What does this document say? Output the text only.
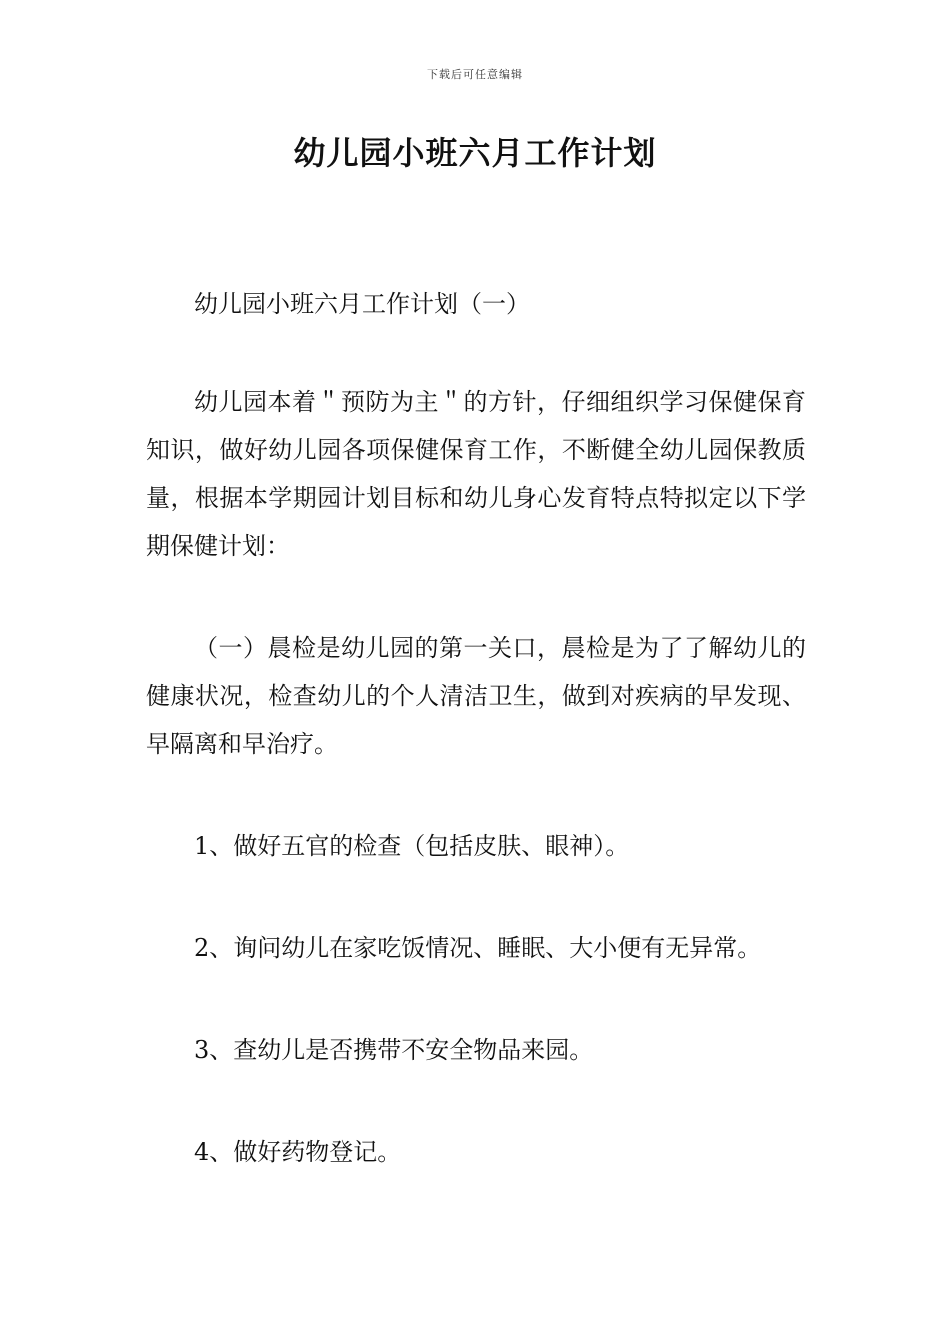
下载后可任意编辑
幼儿园小班六月工作计划

幼儿园小班六月工作计划（一）

幼儿园本着＂预防为主＂的方针，仔细组织学习保健保育知识，做好幼儿园各项保健保育工作，不断健全幼儿园保教质量，根据本学期园计划目标和幼儿身心发育特点特拟定以下学期保健计划：

（一）晨检是幼儿园的第一关口，晨检是为了了解幼儿的健康状况，检查幼儿的个人清洁卫生，做到对疾病的早发现、早隔离和早治疗。

1、做好五官的检查（包括皮肤、眼神）。

2、询问幼儿在家吃饭情况、睡眠、大小便有无异常。

3、查幼儿是否携带不安全物品来园。

4、做好药物登记。
